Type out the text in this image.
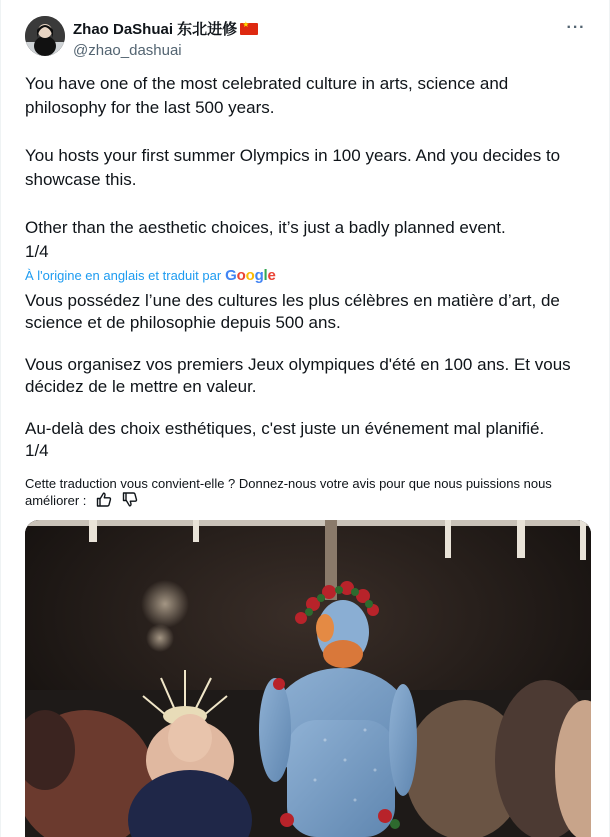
Zhao DaShuai 东北进修
★
@zhao_dashuai
···

You have one of the most celebrated culture in arts, science and philosophy for the last 500 years.

You hosts your first summer Olympics in 100 years. And you decides to showcase this.

Other than the aesthetic choices, it’s just a badly planned event.

1/4

À l'origine en anglais et traduit par Google

Vous possédez l’une des cultures les plus célèbres en matière d’art, de science et de philosophie depuis 500 ans.

Vous organisez vos premiers Jeux olympiques d'été en 100 ans. Et vous décidez de le mettre en valeur.

Au-delà des choix esthétiques, c'est juste un événement mal planifié.

1/4

Cette traduction vous convient-elle ? Donnez-nous votre avis pour que nous puissions nous améliorer :
